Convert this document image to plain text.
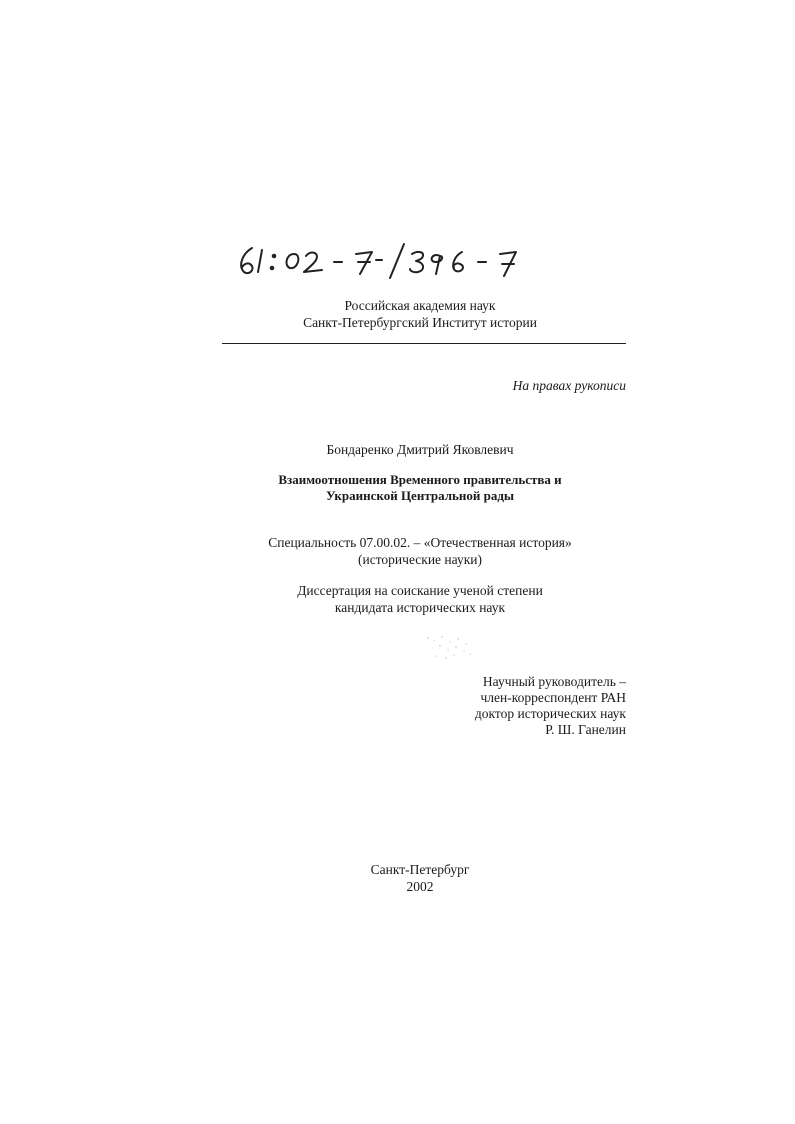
Российская академия наук
Санкт-Петербургский Институт истории
На правах рукописи
Бондаренко Дмитрий Яковлевич
Взаимоотношения Временного правительства и
Украинской Центральной рады
Специальность 07.00.02. – «Отечественная история»
(исторические науки)
Диссертация на соискание ученой степени
кандидата исторических наук
Научный руководитель –
член-корреспондент РАН
доктор исторических наук
Р. Ш. Ганелин
Санкт-Петербург
2002
